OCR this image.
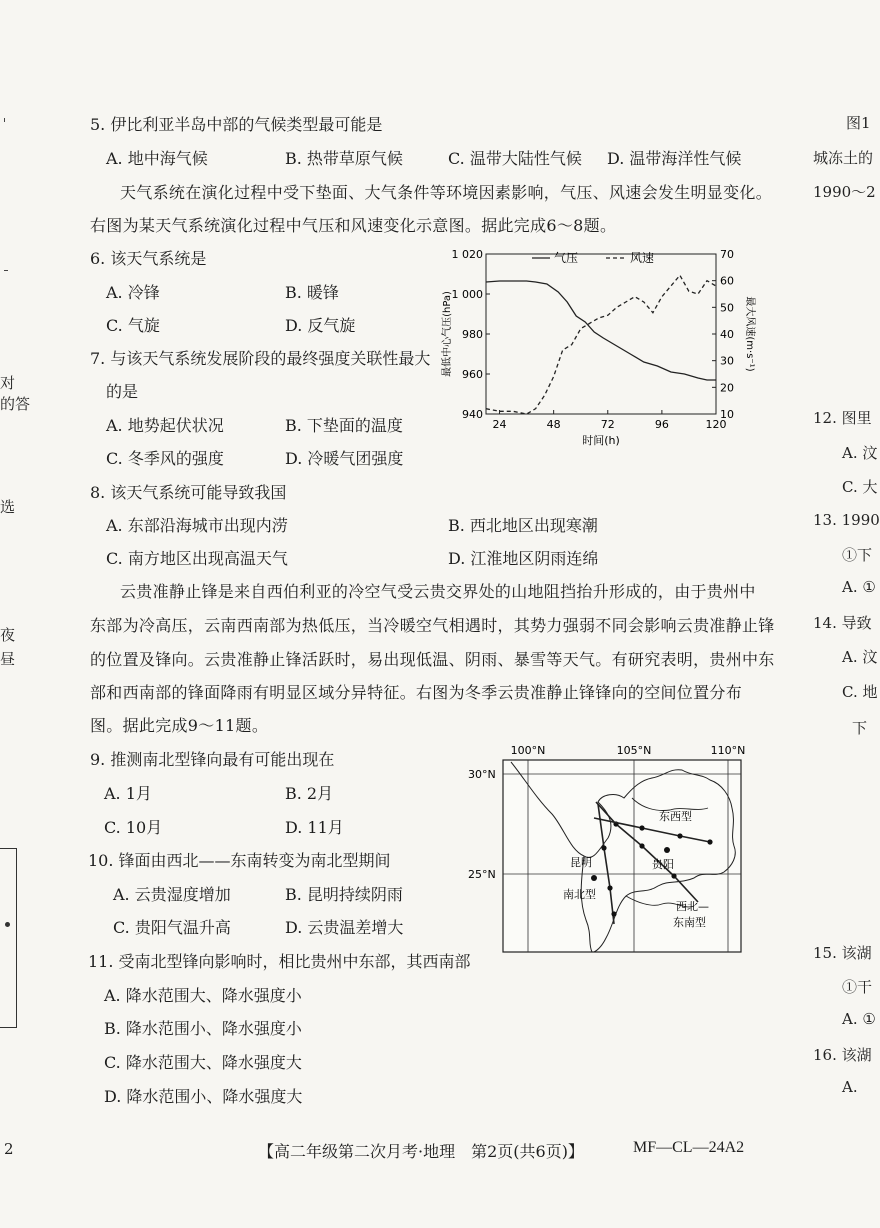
对
的答
选
夜
昼
2
图1
城冻土的
1990～2
12. 图里
A. 汶
C. 大
13. 1990
①下
A. ①
14. 导致
A. 汶
C. 地
下
15. 该湖
①干
A. ①
16. 该湖
A.
5. 伊比利亚半岛中部的气候类型最可能是
A. 地中海气候	B. 热带草原气候	C. 温带大陆性气候 D. 温带海洋性气候
天气系统在演化过程中受下垫面、大气条件等环境因素影响，气压、风速会发生明显变化。
右图为某天气系统演化过程中气压和风速变化示意图。据此完成6～8题。
6. 该天气系统是
A. 冷锋	B. 暖锋
C. 气旋	D. 反气旋
7. 与该天气系统发展阶段的最终强度关联性最大
的是
A. 地势起伏状况	B. 下垫面的温度
C. 冬季风的强度	D. 冷暖气团强度
8. 该天气系统可能导致我国
A. 东部沿海城市出现内涝	B. 西北地区出现寒潮
C. 南方地区出现高温天气	D. 江淮地区阴雨连绵
云贵准静止锋是来自西伯利亚的冷空气受云贵交界处的山地阻挡抬升形成的，由于贵州中
东部为冷高压，云南西南部为热低压，当冷暖空气相遇时，其势力强弱不同会影响云贵准静止锋
的位置及锋向。云贵准静止锋活跃时，易出现低温、阴雨、暴雪等天气。有研究表明，贵州中东
部和西南部的锋面降雨有明显区域分异特征。右图为冬季云贵准静止锋锋向的空间位置分布
图。据此完成9～11题。
9. 推测南北型锋向最有可能出现在
A. 1月	B. 2月
C. 10月	D. 11月
10. 锋面由西北——东南转变为南北型期间
A. 云贵湿度增加	B. 昆明持续阴雨
C. 贵阳气温升高	D. 云贵温差增大
11. 受南北型锋向影响时，相比贵州中东部，其西南部
A. 降水范围大、降水强度小
B. 降水范围小、降水强度小
C. 降水范围大、降水强度大
D. 降水范围小、降水强度大
【高二年级第二次月考·地理　第2页(共6页)】	MF—CL—24A2
24	48	72	96	120
940
960
980
1 000
1 020
10
20
30
40
50
60
70
气压	风速
时间(h)
最低中心气压(hPa)	最大风速(m·s⁻¹)
100°N	105°N	110°N
30°N
25°N
昆明	贵阳
东西型
南北型
西北—
东南型
